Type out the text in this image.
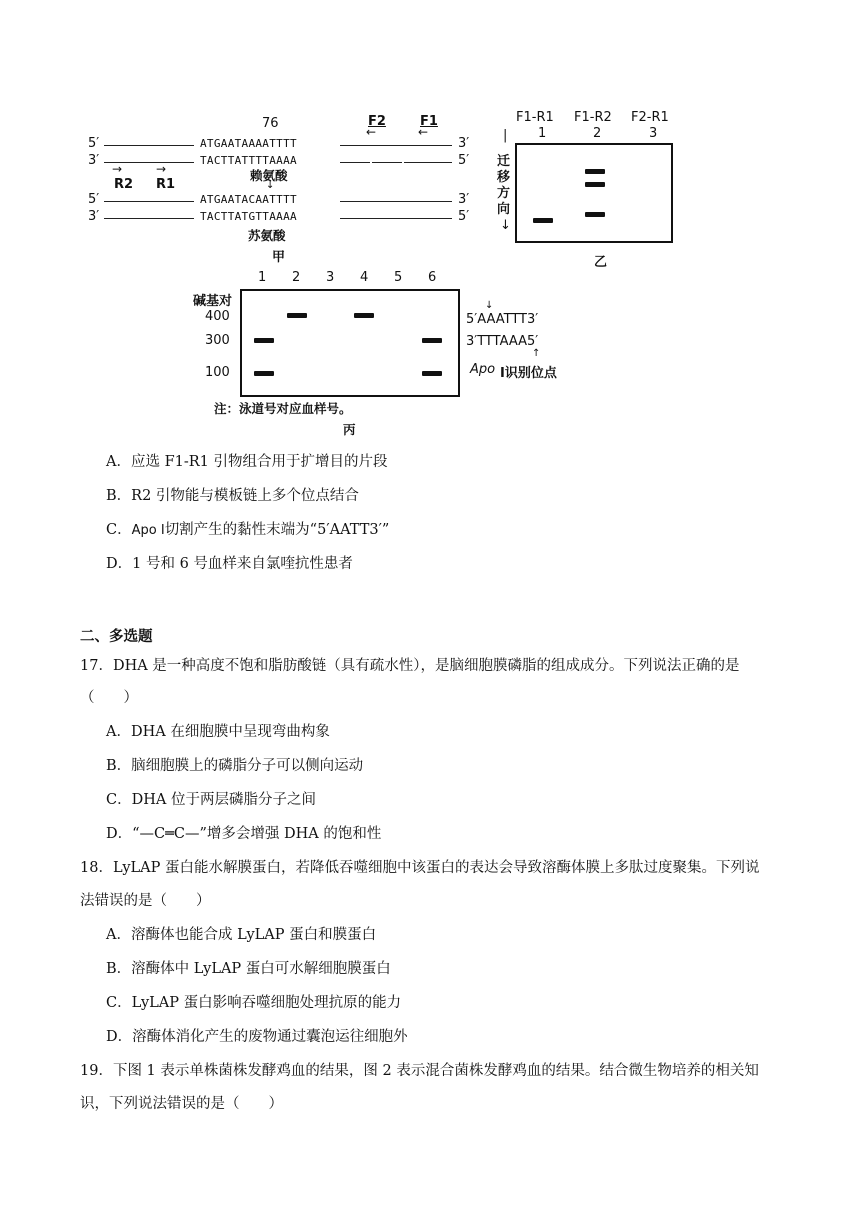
76	F2	F1
←	←
5′	ATGAATAAAATTTT	3′
3′	TACTTATTTTAAAA	5′
→	→
R2 R1
赖氨酸
↓
5′	ATGAATACAATTTT	3′
3′	TACTTATGTTAAAA	5′
苏氨酸
甲
F1-R1 F1-R2 F2-R1
1	2	3
|
迁
移
方
向
↓
乙
1 2 3 4 5 6
碱基对
400
300
100
↓
5′AAATTT3′
3′TTTAAA5′
↑
Apo Ⅰ识别位点
注：泳道号对应血样号。
丙
A．应选 F1-R1 引物组合用于扩增目的片段
B．R2 引物能与模板链上多个位点结合
C．Apo Ⅰ切割产生的黏性末端为“5′AATT3′”
D．1 号和 6 号血样来自氯喹抗性患者
二、多选题
17．DHA 是一种高度不饱和脂肪酸链（具有疏水性），是脑细胞膜磷脂的组成成分。下列说法正确的是
（　　）
A．DHA 在细胞膜中呈现弯曲构象
B．脑细胞膜上的磷脂分子可以侧向运动
C．DHA 位于两层磷脂分子之间
D．“—C═C—”增多会增强 DHA 的饱和性
18．LyLAP 蛋白能水解膜蛋白，若降低吞噬细胞中该蛋白的表达会导致溶酶体膜上多肽过度聚集。下列说
法错误的是（　　）
A．溶酶体也能合成 LyLAP 蛋白和膜蛋白
B．溶酶体中 LyLAP 蛋白可水解细胞膜蛋白
C．LyLAP 蛋白影响吞噬细胞处理抗原的能力
D．溶酶体消化产生的废物通过囊泡运往细胞外
19．下图 1 表示单株菌株发酵鸡血的结果，图 2 表示混合菌株发酵鸡血的结果。结合微生物培养的相关知
识，下列说法错误的是（　　）
